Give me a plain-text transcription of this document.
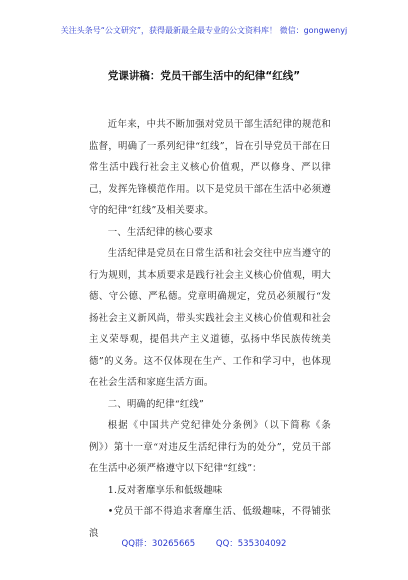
关注头条号“公文研究”，获得最新最全最专业的公文资料库！ 微信：gongwenyj
党课讲稿：党员干部生活中的纪律“红线”

近年来，中共不断加强对党员干部生活纪律的规范和监督，明确了一系列纪律“红线”，旨在引导党员干部在日常生活中践行社会主义核心价值观，严以修身、严以律己，发挥先锋模范作用。以下是党员干部在生活中必须遵守的纪律“红线”及相关要求。

一、生活纪律的核心要求

生活纪律是党员在日常生活和社会交往中应当遵守的行为规则，其本质要求是践行社会主义核心价值观，明大德、守公德、严私德。党章明确规定，党员必须履行“发扬社会主义新风尚，带头实践社会主义核心价值观和社会主义荣辱观，提倡共产主义道德，弘扬中华民族传统美德”的义务。这不仅体现在生产、工作和学习中，也体现在社会生活和家庭生活方面。

二、明确的纪律“红线”

根据《中国共产党纪律处分条例》（以下简称《条例》）第十一章“对违反生活纪律行为的处分”，党员干部在生活中必须严格遵守以下纪律“红线”：

1.反对奢靡享乐和低级趣味

•党员干部不得追求奢靡生活、低级趣味，不得铺张浪

QQ群：30265665 QQ：535304092
